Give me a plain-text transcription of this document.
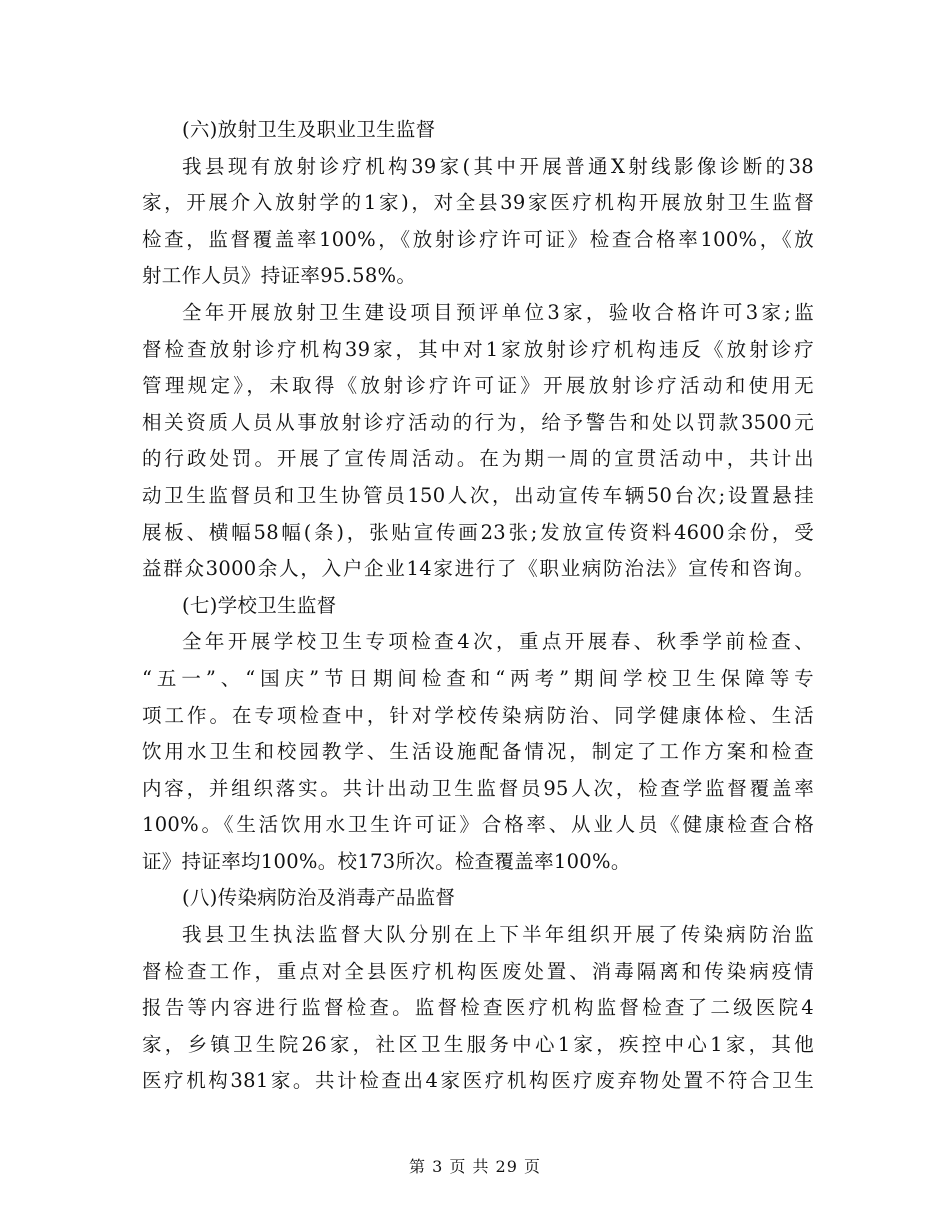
(六)放射卫生及职业卫生监督
我县现有放射诊疗机构39家(其中开展普通X射线影像诊断的38
家，开展介入放射学的1家)，对全县39家医疗机构开展放射卫生监督
检查，监督覆盖率100%，《放射诊疗许可证》检查合格率100%，《放
射工作人员》持证率95.58%。
全年开展放射卫生建设项目预评单位3家，验收合格许可3家;监
督检查放射诊疗机构39家，其中对1家放射诊疗机构违反《放射诊疗
管理规定》，未取得《放射诊疗许可证》开展放射诊疗活动和使用无
相关资质人员从事放射诊疗活动的行为，给予警告和处以罚款3500元
的行政处罚。开展了宣传周活动。在为期一周的宣贯活动中，共计出
动卫生监督员和卫生协管员150人次，出动宣传车辆50台次;设置悬挂
展板、横幅58幅(条)，张贴宣传画23张;发放宣传资料4600余份，受
益群众3000余人，入户企业14家进行了《职业病防治法》宣传和咨询。
(七)学校卫生监督
全年开展学校卫生专项检查4次，重点开展春、秋季学前检查、
“五一”、“国庆”节日期间检查和“两考”期间学校卫生保障等专
项工作。在专项检查中，针对学校传染病防治、同学健康体检、生活
饮用水卫生和校园教学、生活设施配备情况，制定了工作方案和检查
内容，并组织落实。共计出动卫生监督员95人次，检查学监督覆盖率
100%。《生活饮用水卫生许可证》合格率、从业人员《健康检查合格
证》持证率均100%。校173所次。检查覆盖率100%。
(八)传染病防治及消毒产品监督
我县卫生执法监督大队分别在上下半年组织开展了传染病防治监
督检查工作，重点对全县医疗机构医废处置、消毒隔离和传染病疫情
报告等内容进行监督检查。监督检查医疗机构监督检查了二级医院4
家，乡镇卫生院26家，社区卫生服务中心1家，疾控中心1家，其他
医疗机构381家。共计检查出4家医疗机构医疗废弃物处置不符合卫生
第 3 页 共 29 页
